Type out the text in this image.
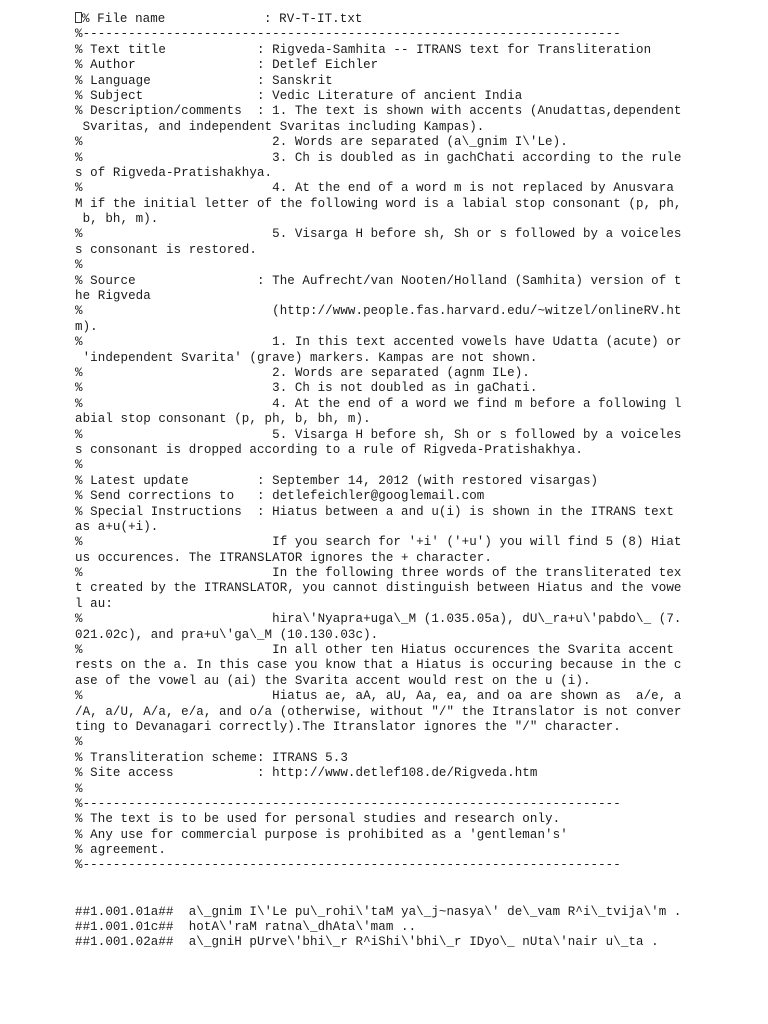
% File name             : RV-T-IT.txt
%-----------------------------------------------------------------------
% Text title            : Rigveda-Samhita -- ITRANS text for Transliteration
% Author                : Detlef Eichler
% Language              : Sanskrit
% Subject               : Vedic Literature of ancient India
% Description/comments  : 1. The text is shown with accents (Anudattas,dependent
Svaritas, and independent Svaritas including Kampas).
%                         2. Words are separated (a\_gnim I\'Le).
%                         3. Ch is doubled as in gachChati according to the rule
s of Rigveda-Pratishakhya.
%                         4. At the end of a word m is not replaced by Anusvara
M if the initial letter of the following word is a labial stop consonant (p, ph,
b, bh, m).
%                         5. Visarga H before sh, Sh or s followed by a voiceles
s consonant is restored.
%
% Source                : The Aufrecht/van Nooten/Holland (Samhita) version of t
he Rigveda
%                         (http://www.people.fas.harvard.edu/~witzel/onlineRV.ht
m).
%                         1. In this text accented vowels have Udatta (acute) or
'independent Svarita' (grave) markers. Kampas are not shown.
%                         2. Words are separated (agnm ILe).
%                         3. Ch is not doubled as in gaChati.
%                         4. At the end of a word we find m before a following l
abial stop consonant (p, ph, b, bh, m).
%                         5. Visarga H before sh, Sh or s followed by a voiceles
s consonant is dropped according to a rule of Rigveda-Pratishakhya.
%
% Latest update         : September 14, 2012 (with restored visargas)
% Send corrections to   : detlefeichler@googlemail.com
% Special Instructions  : Hiatus between a and u(i) is shown in the ITRANS text
as a+u(+i).
%                         If you search for '+i' ('+u') you will find 5 (8) Hiat
us occurences. The ITRANSLATOR ignores the + character.
%                         In the following three words of the transliterated tex
t created by the ITRANSLATOR, you cannot distinguish between Hiatus and the vowe
l au:
%                         hira\'Nyapra+uga\_M (1.035.05a), dU\_ra+u\'pabdo\_ (7.
021.02c), and pra+u\'ga\_M (10.130.03c).
%                         In all other ten Hiatus occurences the Svarita accent
rests on the a. In this case you know that a Hiatus is occuring because in the c
ase of the vowel au (ai) the Svarita accent would rest on the u (i).
%                         Hiatus ae, aA, aU, Aa, ea, and oa are shown as  a/e, a
/A, a/U, A/a, e/a, and o/a (otherwise, without "/" the Itranslator is not conver
ting to Devanagari correctly).The Itranslator ignores the "/" character.
%
% Transliteration scheme: ITRANS 5.3
% Site access           : http://www.detlef108.de/Rigveda.htm
%
%-----------------------------------------------------------------------
% The text is to be used for personal studies and research only.
% Any use for commercial purpose is prohibited as a 'gentleman's'
% agreement.
%-----------------------------------------------------------------------
##1.001.01a##  a\_gnim I\'Le pu\_rohi\'taM ya\_j~nasya\' de\_vam R^i\_tvija\'m .
##1.001.01c##  hotA\'raM ratna\_dhAta\'mam ..
##1.001.02a##  a\_gniH pUrve\'bhi\_r R^iShi\'bhi\_r IDyo\_ nUta\'nair u\_ta .
